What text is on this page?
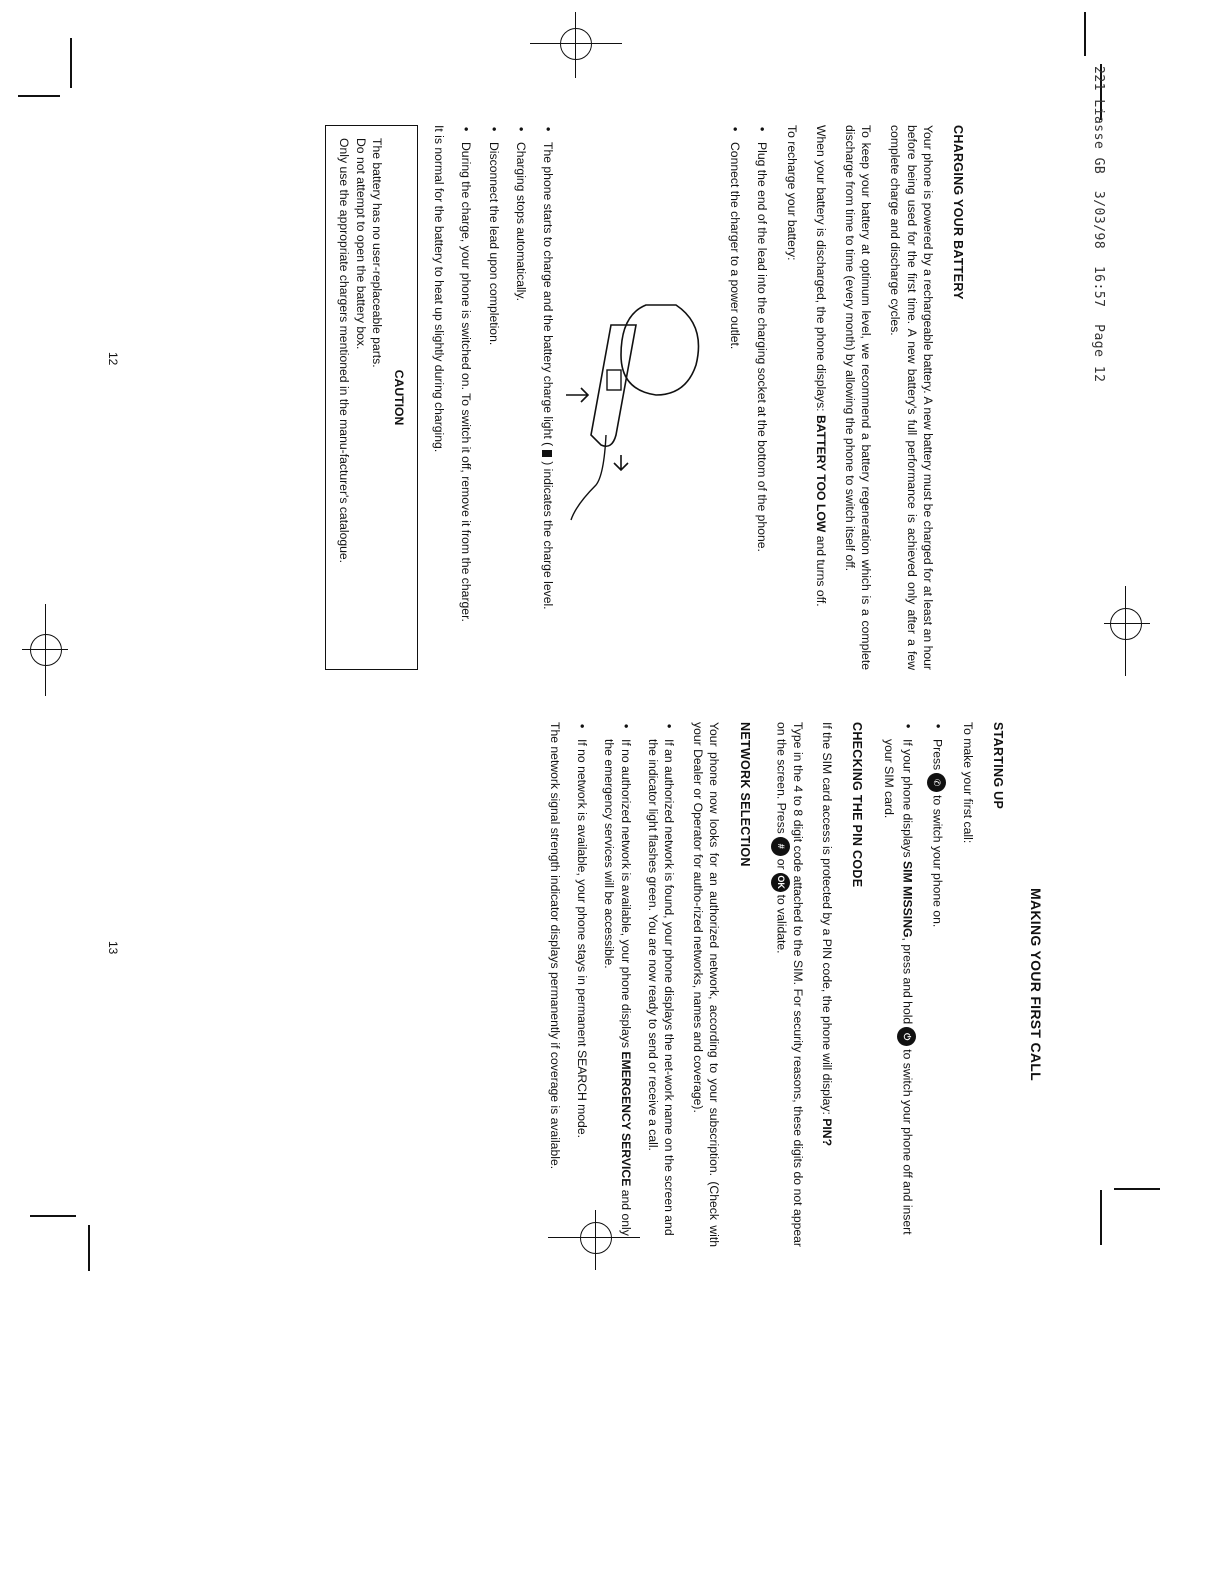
221 Liasse GB  3/03/98  16:57  Page 12
CHARGING YOUR BATTERY

Your phone is powered by a rechargeable battery. A new battery must be charged for at least an hour before being used for the first time. A new battery's full performance is achieved only after a few complete charge and discharge cycles.

To keep your battery at optimum level, we recommend a battery regeneration which is a complete discharge from time to time (every month) by allowing the phone to switch itself off.

When your battery is discharged, the phone displays: BATTERY TOO LOW and turns off.

To recharge your battery:

• Plug the end of the lead into the charging socket at the bottom of the phone.
• Connect the charger to a power outlet.
• The phone starts to charge and the battery charge light () indicates the charge level.
• Charging stops automatically.
• Disconnect the lead upon completion.
• During the charge, your phone is switched on. To switch it off, remove it from the charger.

It is normal for the battery to heat up slightly during charging.

CAUTION

The battery has no user-replaceable parts.

Do not attempt to open the battery box.

Only use the appropriate chargers mentioned in the manu-facturer's catalogue.

12
MAKING YOUR FIRST CALL
STARTING UP

To make your first call:

• Press✆to switch your phone on.
• If your phone displays SIM MISSING, press and hold⏻to switch your phone off and insert your SIM card.
CHECKING THE PIN CODE

If the SIM card access is protected by a PIN code, the phone will display: PIN?

Type in the 4 to 8 digit code attached to the SIM. For security reasons, these digits do not appear on the screen. Press#orOKto validate.

NETWORK SELECTION

Your phone now looks for an authorized network, according to your subscription. (Check with your Dealer or Operator for autho-rized networks, names and coverage).

• If an authorized network is found, your phone displays the net-work name on the screen and the indicator light flashes green. You are now ready to send or receive a call.
• If no authorized network is available, your phone displays EMERGENCY SERVICE and only the emergency services will be accessible.
• If no network is available, your phone stays in permanent SEARCH mode.

The network signal strength indicator displays permanently if coverage is available.

13
